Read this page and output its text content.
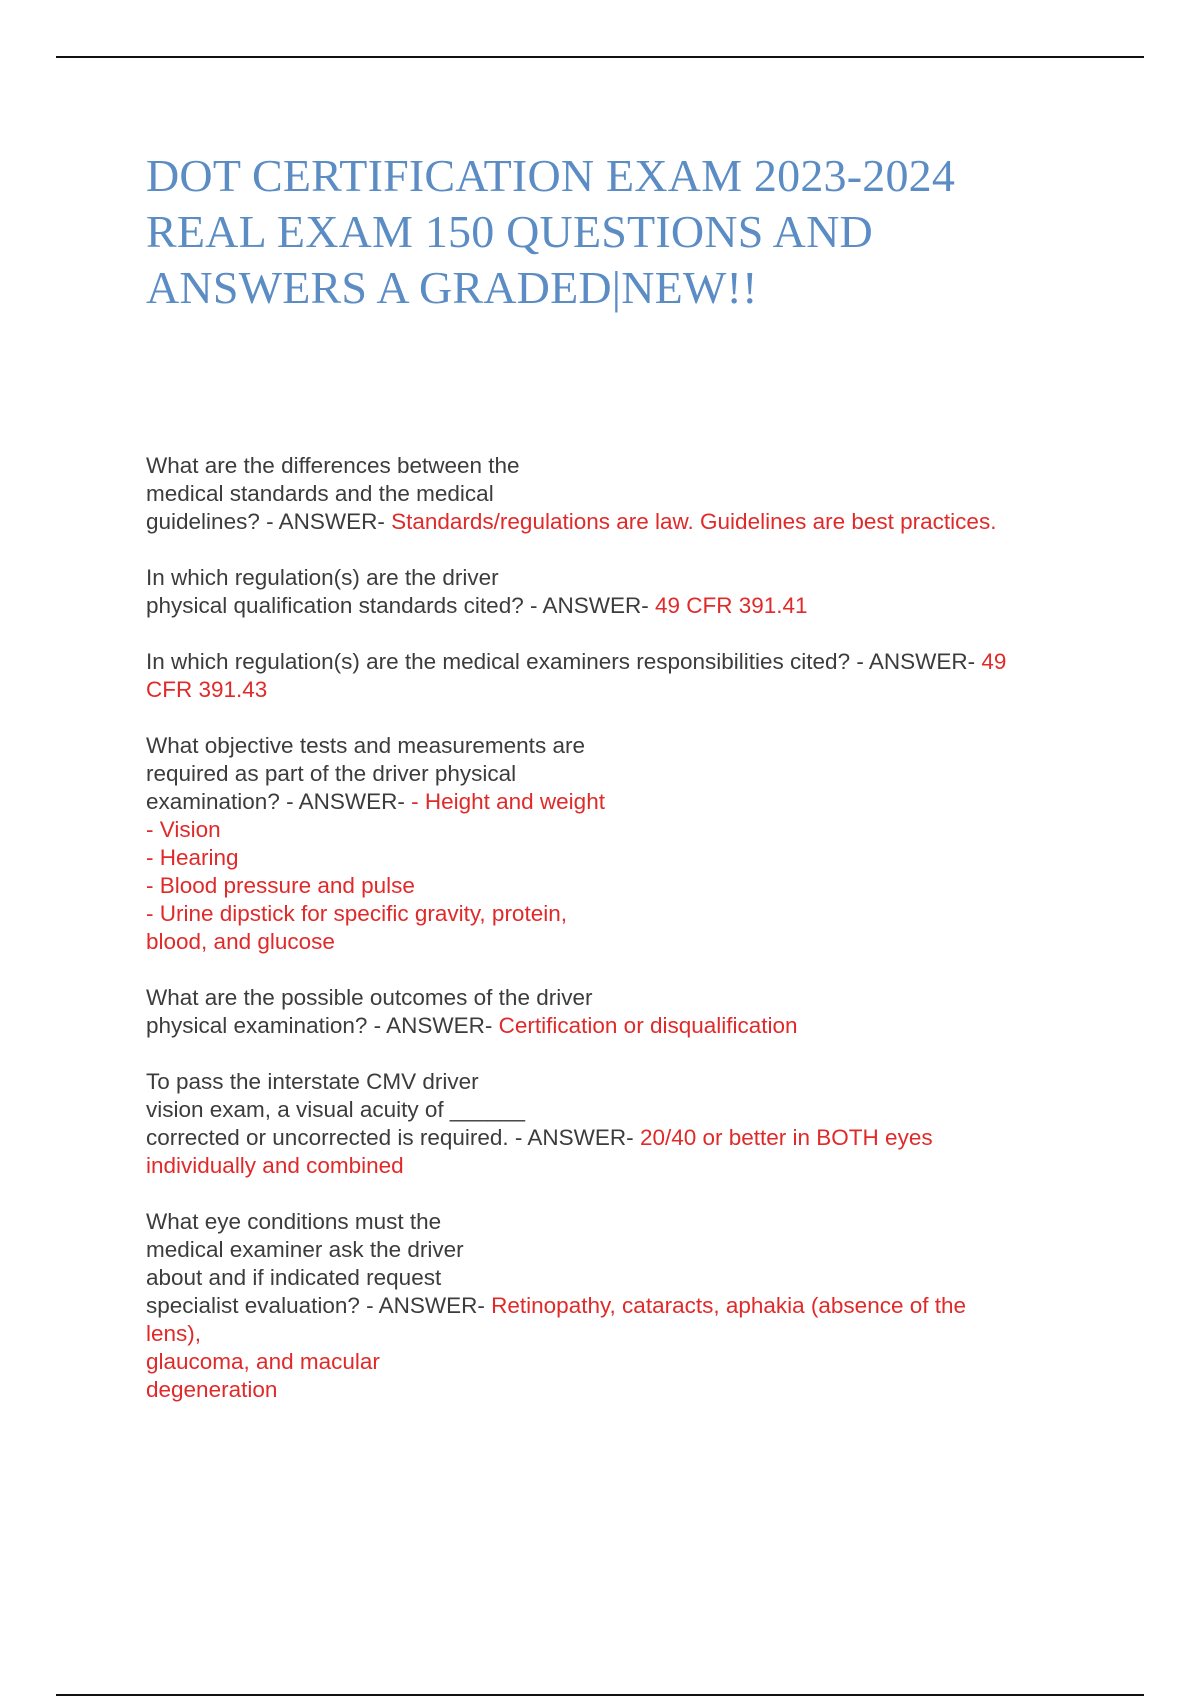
DOT CERTIFICATION EXAM 2023-2024
REAL EXAM 150 QUESTIONS AND
ANSWERS A GRADED|NEW!!
What are the differences between the
medical standards and the medical
guidelines? - ANSWER- Standards/regulations are law. Guidelines are best practices.
In which regulation(s) are the driver
physical qualification standards cited? - ANSWER- 49 CFR 391.41
In which regulation(s) are the medical examiners responsibilities cited? - ANSWER- 49
CFR 391.43
What objective tests and measurements are
required as part of the driver physical
examination? - ANSWER- - Height and weight
- Vision
- Hearing
- Blood pressure and pulse
- Urine dipstick for specific gravity, protein,
blood, and glucose
What are the possible outcomes of the driver
physical examination? - ANSWER- Certification or disqualification
To pass the interstate CMV driver
vision exam, a visual acuity of ______
corrected or uncorrected is required. - ANSWER- 20/40 or better in BOTH eyes
individually and combined
What eye conditions must the
medical examiner ask the driver
about and if indicated request
specialist evaluation? - ANSWER- Retinopathy, cataracts, aphakia (absence of the
lens),
glaucoma, and macular
degeneration
